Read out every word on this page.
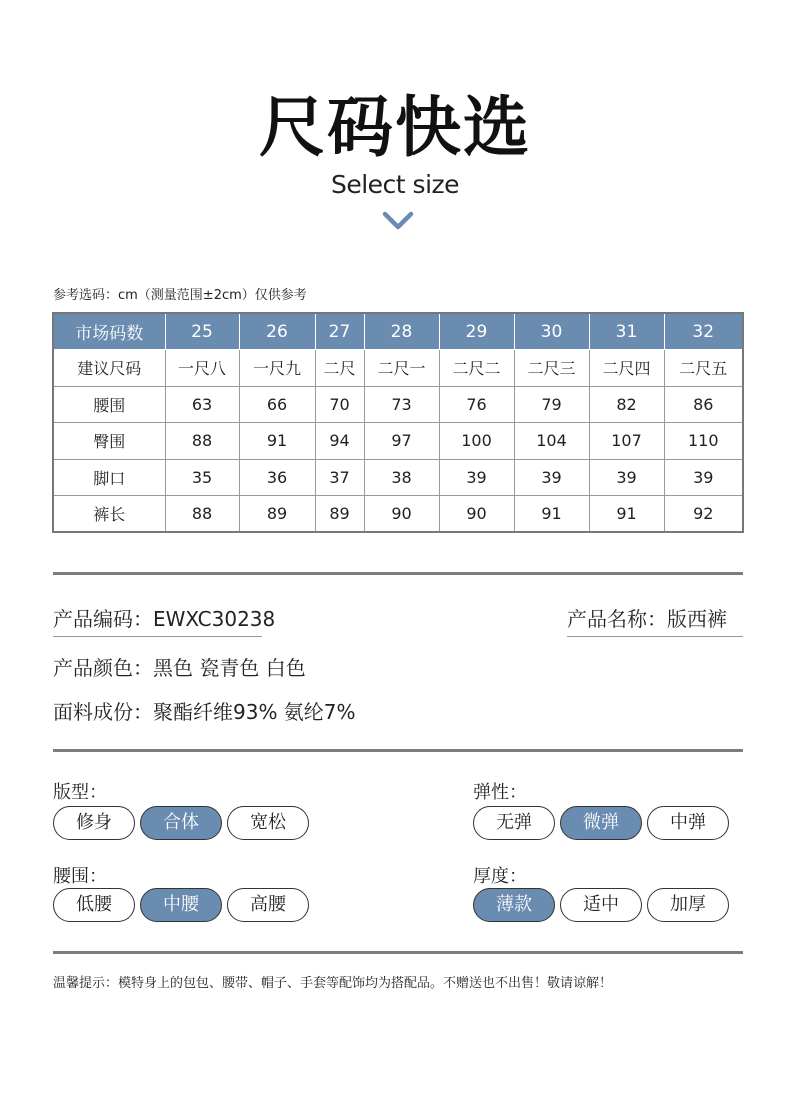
尺码快选
Select size
参考选码：cm（测量范围±2cm）仅供参考
市场码数	25	26	27	28	29	30	31	32
建议尺码	一尺八	一尺九	二尺	二尺一	二尺二	二尺三	二尺四	二尺五
腰围	63	66	70	73	76	79	82	86
臀围	88	91	94	97	100	104	107	110
脚口	35	36	37	38	39	39	39	39
裤长	88	89	89	90	90	91	91	92
产品编码：EWXC30238	产品名称：版西裤
产品颜色：黑色 瓷青色 白色
面料成份：聚酯纤维93% 氨纶7%
版型：
修身	合体	宽松
弹性：
无弹	微弹	中弹
腰围：
低腰	中腰	高腰
厚度：
薄款	适中	加厚
温馨提示：模特身上的包包、腰带、帽子、手套等配饰均为搭配品。不赠送也不出售！敬请谅解！
